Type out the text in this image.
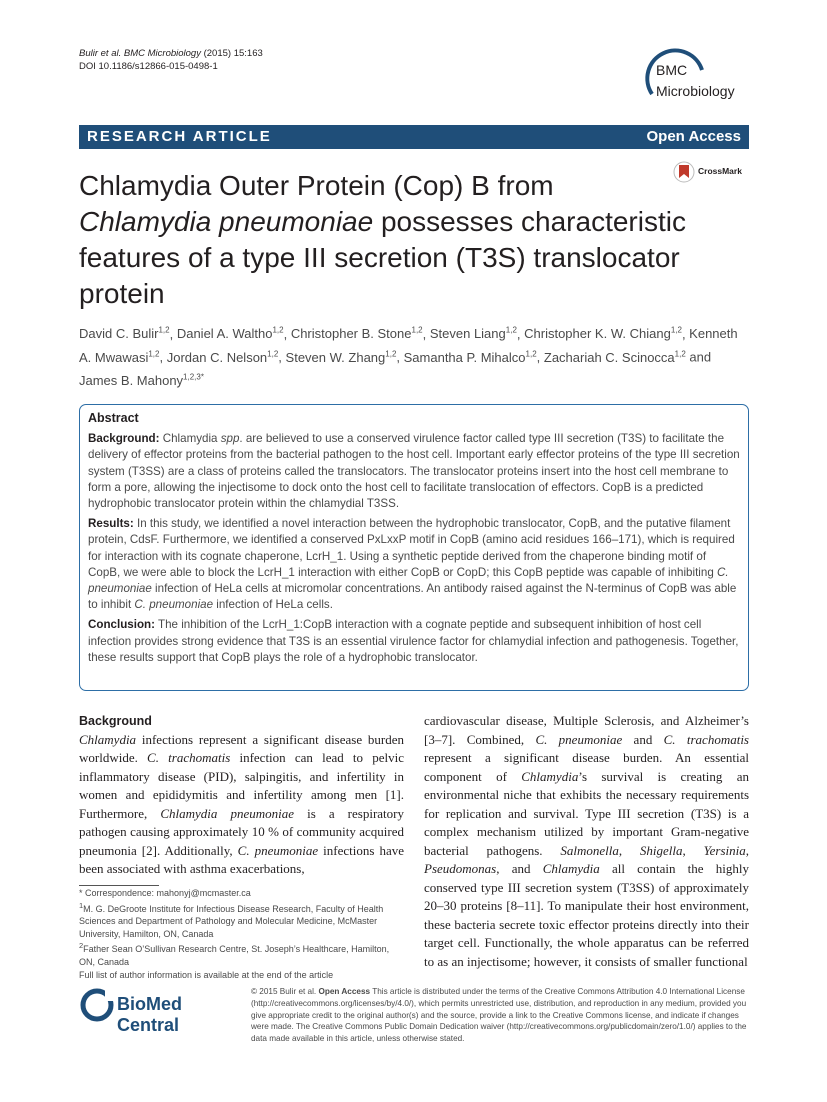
Bulir et al. BMC Microbiology (2015) 15:163
DOI 10.1186/s12866-015-0498-1	BMC
Microbiology
RESEARCH ARTICLE	Open Access
Chlamydia Outer Protein (Cop) B from
Chlamydia pneumoniae possesses characteristic features of a type III secretion (T3S) translocator protein
CrossMark
David C. Bulir$^{1,2}$, Daniel A. Waltho$^{1,2}$, Christopher B. Stone$^{1,2}$, Steven Liang$^{1,2}$, Christopher K. W. Chiang$^{1,2}$, Kenneth A. Mwawasi$^{1,2}$, Jordan C. Nelson$^{1,2}$, Steven W. Zhang$^{1,2}$, Samantha P. Mihalco$^{1,2}$, Zachariah C. Scinocca$^{1,2}$ and James B. Mahony$^{1,2,3*}$

Abstract

Background: Chlamydia spp. are believed to use a conserved virulence factor called type III secretion (T3S) to facilitate the delivery of effector proteins from the bacterial pathogen to the host cell. Important early effector proteins of the type III secretion system (T3SS) are a class of proteins called the translocators. The translocator proteins insert into the host cell membrane to form a pore, allowing the injectisome to dock onto the host cell to facilitate translocation of effectors. CopB is a predicted hydrophobic translocator protein within the chlamydial T3SS.

Results: In this study, we identified a novel interaction between the hydrophobic translocator, CopB, and the putative filament protein, CdsF. Furthermore, we identified a conserved PxLxxP motif in CopB (amino acid residues 166–171), which is required for interaction with its cognate chaperone, LcrH_1. Using a synthetic peptide derived from the chaperone binding motif of CopB, we were able to block the LcrH_1 interaction with either CopB or CopD; this CopB peptide was capable of inhibiting C. pneumoniae infection of HeLa cells at micromolar concentrations. An antibody raised against the N-terminus of CopB was able to inhibit C. pneumoniae infection of HeLa cells.

Conclusion: The inhibition of the LcrH_1:CopB interaction with a cognate peptide and subsequent inhibition of host cell infection provides strong evidence that T3S is an essential virulence factor for chlamydial infection and pathogenesis. Together, these results support that CopB plays the role of a hydrophobic translocator.

Background
Chlamydia infections represent a significant disease burden worldwide. C. trachomatis infection can lead to pelvic inflammatory disease (PID), salpingitis, and infertility in women and epididymitis and infertility among men [1]. Furthermore, Chlamydia pneumoniae is a respiratory pathogen causing approximately 10 % of community acquired pneumonia [2]. Additionally, C. pneumoniae infections have been associated with asthma exacerbations,
cardiovascular disease, Multiple Sclerosis, and Alzheimer’s [3–7]. Combined, C. pneumoniae and C. trachomatis represent a significant disease burden. An essential component of Chlamydia’s survival is creating an environmental niche that exhibits the necessary requirements for replication and survival. Type III secretion (T3S) is a complex mechanism utilized by important Gram-negative bacterial pathogens. Salmonella, Shigella, Yersinia, Pseudomonas, and Chlamydia all contain the highly conserved type III secretion system (T3SS) of approximately 20–30 proteins [8–11]. To manipulate their host environment, these bacteria secrete toxic effector proteins directly into their target cell. Functionally, the whole apparatus can be referred to as an injectisome; however, it consists of smaller functional

* Correspondence: mahonyj@mcmaster.ca

$^1$M. G. DeGroote Institute for Infectious Disease Research, Faculty of Health Sciences and Department of Pathology and Molecular Medicine, McMaster University, Hamilton, ON, Canada

$^2$Father Sean O’Sullivan Research Centre, St. Joseph’s Healthcare, Hamilton, ON, Canada

Full list of author information is available at the end of the article

BioMed Central
© 2015 Bulir et al. Open Access This article is distributed under the terms of the Creative Commons Attribution 4.0 International License (http://creativecommons.org/licenses/by/4.0/), which permits unrestricted use, distribution, and reproduction in any medium, provided you give appropriate credit to the original author(s) and the source, provide a link to the Creative Commons license, and indicate if changes were made. The Creative Commons Public Domain Dedication waiver (http://creativecommons.org/publicdomain/zero/1.0/) applies to the data made available in this article, unless otherwise stated.
